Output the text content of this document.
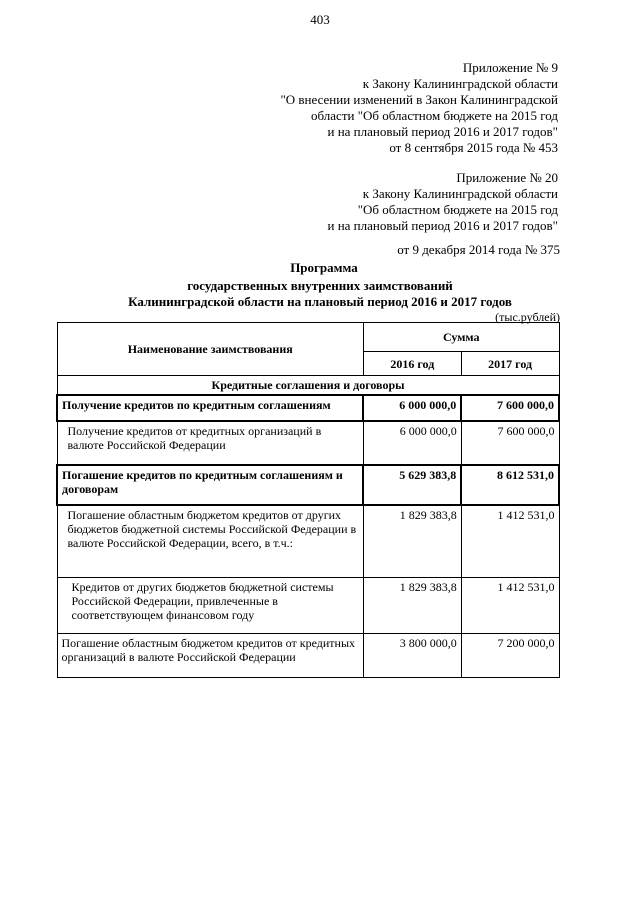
403
Приложение № 9
к Закону Калининградской области
"О внесении изменений в Закон Калининградской
области "Об областном бюджете на 2015 год
и на плановый период 2016 и 2017 годов"
от 8 сентября 2015 года № 453
Приложение № 20
к Закону Калининградской области
"Об областном бюджете на 2015 год
и на плановый период 2016 и 2017 годов"
от 9 декабря 2014 года № 375
Программа
государственных внутренних заимствований
Калининградской области на плановый период 2016 и 2017 годов
(тыс.рублей)
Наименование заимствования	Сумма	
	2016 год	2017 год
Кредитные соглашения и договоры		
Получение кредитов по кредитным соглашениям	6 000 000,0	7 600 000,0
Получение кредитов от кредитных организаций в валюте Российской Федерации	6 000 000,0	7 600 000,0
Погашение кредитов по кредитным соглашениям и договорам	5 629 383,8	8 612 531,0
Погашение областным бюджетом кредитов от других бюджетов бюджетной системы Российской Федерации в валюте Российской Федерации, всего, в т.ч.:	1 829 383,8	1 412 531,0
Кредитов от других бюджетов бюджетной системы Российской Федерации, привлеченные в соответствующем финансовом году	1 829 383,8	1 412 531,0
Погашение областным бюджетом кредитов от кредитных организаций в валюте Российской Федерации	3 800 000,0	7 200 000,0
